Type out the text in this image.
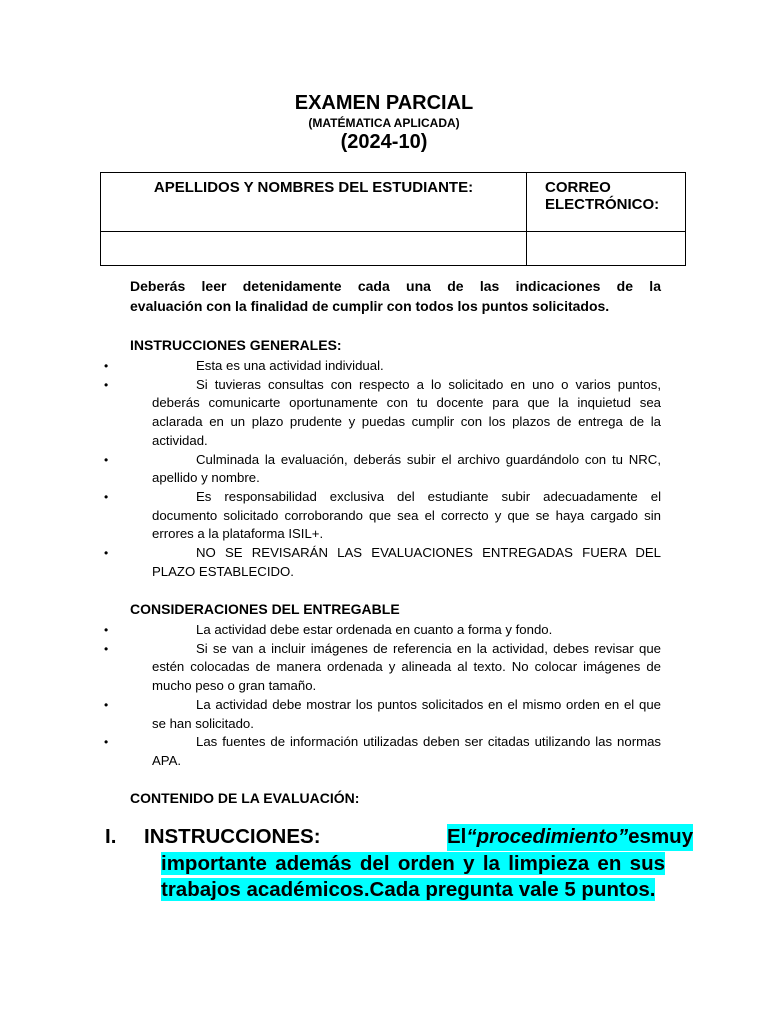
EXAMEN PARCIAL
(MATÉMATICA APLICADA)
(2024-10)
APELLIDOS Y NOMBRES DEL ESTUDIANTE:	CORREO ELECTRÓNICO:

Deberás leer detenidamente cada una de las indicaciones de la
evaluación con la finalidad de cumplir con todos los puntos solicitados.

INSTRUCCIONES GENERALES:
•	Esta es una actividad individual.
•	Si tuvieras consultas con respecto a lo solicitado en uno o varios puntos, deberás comunicarte oportunamente con tu docente para que la inquietud sea aclarada en un plazo prudente y puedas cumplir con los plazos de entrega de la actividad.
•	Culminada la evaluación, deberás subir el archivo guardándolo con tu NRC, apellido y nombre.
•	Es responsabilidad exclusiva del estudiante subir adecuadamente el documento solicitado corroborando que sea el correcto y que se haya cargado sin errores a la plataforma ISIL+.
•	NO SE REVISARÁN LAS EVALUACIONES ENTREGADAS FUERA DEL PLAZO ESTABLECIDO.
CONSIDERACIONES DEL ENTREGABLE
•	La actividad debe estar ordenada en cuanto a forma y fondo.
•	Si se van a incluir imágenes de referencia en la actividad, debes revisar que estén colocadas de manera ordenada y alineada al texto. No colocar imágenes de mucho peso o gran tamaño.
•	La actividad debe mostrar los puntos solicitados en el mismo orden en el que se han solicitado.
•	Las fuentes de información utilizadas deben ser citadas utilizando las normas APA.
CONTENIDO DE LA EVALUACIÓN:
I. INSTRUCCIONES:	El “procedimiento” es muy
importante además del orden y la limpieza en sus
trabajos académicos.Cada pregunta vale 5 puntos.
